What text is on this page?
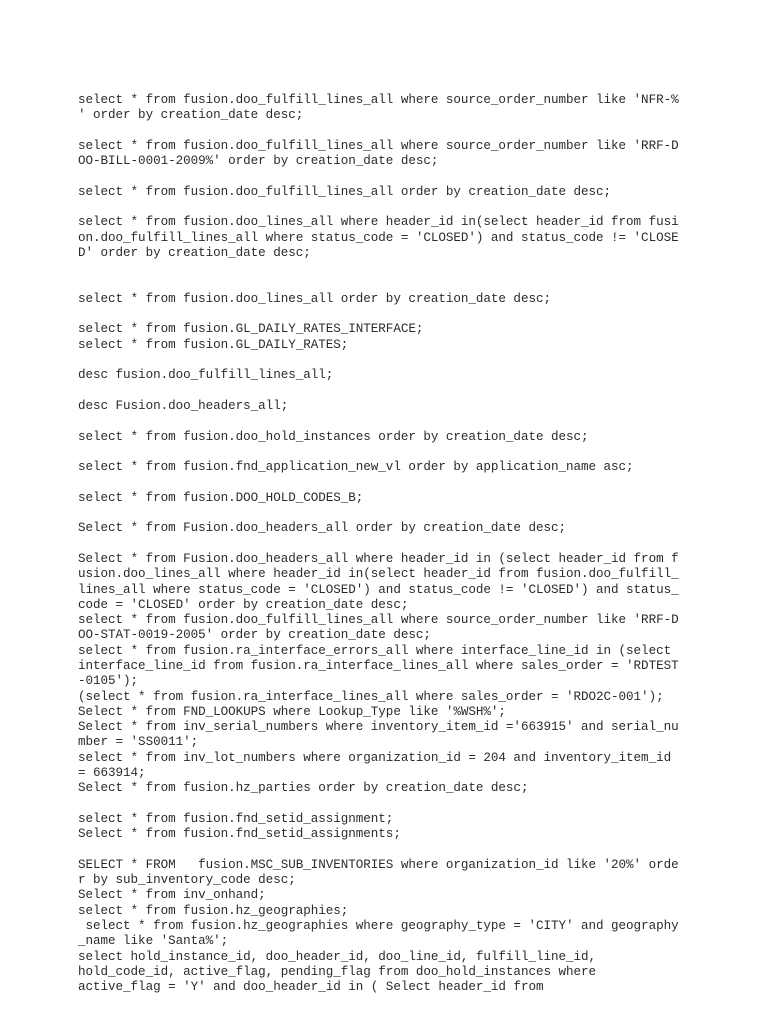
select * from fusion.doo_fulfill_lines_all where source_order_number like 'NFR-%
' order by creation_date desc;
select * from fusion.doo_fulfill_lines_all where source_order_number like 'RRF-D
OO-BILL-0001-2009%' order by creation_date desc;
select * from fusion.doo_fulfill_lines_all order by creation_date desc;
select * from fusion.doo_lines_all where header_id in(select header_id from fusi
on.doo_fulfill_lines_all where status_code = 'CLOSED') and status_code != 'CLOSE
D' order by creation_date desc;
select * from fusion.doo_lines_all order by creation_date desc;
select * from fusion.GL_DAILY_RATES_INTERFACE;
select * from fusion.GL_DAILY_RATES;
desc fusion.doo_fulfill_lines_all;
desc Fusion.doo_headers_all;
select * from fusion.doo_hold_instances order by creation_date desc;
select * from fusion.fnd_application_new_vl order by application_name asc;
select * from fusion.DOO_HOLD_CODES_B;
Select * from Fusion.doo_headers_all order by creation_date desc;
Select * from Fusion.doo_headers_all where header_id in (select header_id from f
usion.doo_lines_all where header_id in(select header_id from fusion.doo_fulfill_
lines_all where status_code = 'CLOSED') and status_code != 'CLOSED') and status_
code = 'CLOSED' order by creation_date desc;
select * from fusion.doo_fulfill_lines_all where source_order_number like 'RRF-D
OO-STAT-0019-2005' order by creation_date desc;
select * from fusion.ra_interface_errors_all where interface_line_id in (select
interface_line_id from fusion.ra_interface_lines_all where sales_order = 'RDTEST
-0105');
(select * from fusion.ra_interface_lines_all where sales_order = 'RDO2C-001');
Select * from FND_LOOKUPS where Lookup_Type like '%WSH%';
Select * from inv_serial_numbers where inventory_item_id ='663915' and serial_nu
mber = 'SS0011';
select * from inv_lot_numbers where organization_id = 204 and inventory_item_id
= 663914;
Select * from fusion.hz_parties order by creation_date desc;
select * from fusion.fnd_setid_assignment;
Select * from fusion.fnd_setid_assignments;
SELECT * FROM   fusion.MSC_SUB_INVENTORIES where organization_id like '20%' orde
r by sub_inventory_code desc;
Select * from inv_onhand;
select * from fusion.hz_geographies;
select * from fusion.hz_geographies where geography_type = 'CITY' and geography
_name like 'Santa%';
select hold_instance_id, doo_header_id, doo_line_id, fulfill_line_id,
hold_code_id, active_flag, pending_flag from doo_hold_instances where
active_flag = 'Y' and doo_header_id in ( Select header_id from
